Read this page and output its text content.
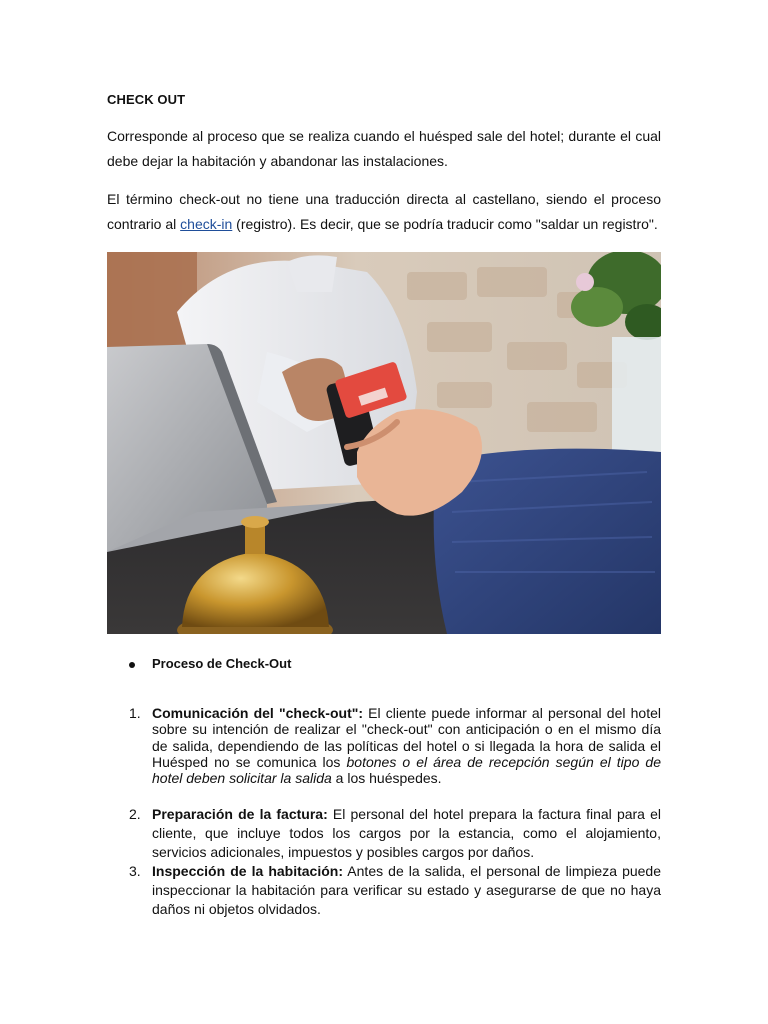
CHECK OUT

Corresponde al proceso que se realiza cuando el huésped sale del hotel; durante el cual debe dejar la habitación y abandonar las instalaciones.

El término check-out no tiene una traducción directa al castellano, siendo el proceso contrario al check-in (registro). Es decir, que se podría traducir como "saldar un registro".

Proceso de Check-Out
1. Comunicación del "check-out": El cliente puede informar al personal del hotel sobre su intención de realizar el "check-out" con anticipación o en el mismo día de salida, dependiendo de las políticas del hotel o si llegada la hora de salida el Huésped no se comunica los botones o el área de recepción según el tipo de hotel deben solicitar la salida a los huéspedes.
2. Preparación de la factura: El personal del hotel prepara la factura final para el cliente, que incluye todos los cargos por la estancia, como el alojamiento, servicios adicionales, impuestos y posibles cargos por daños.
3. Inspección de la habitación: Antes de la salida, el personal de limpieza puede inspeccionar la habitación para verificar su estado y asegurarse de que no haya daños ni objetos olvidados.
